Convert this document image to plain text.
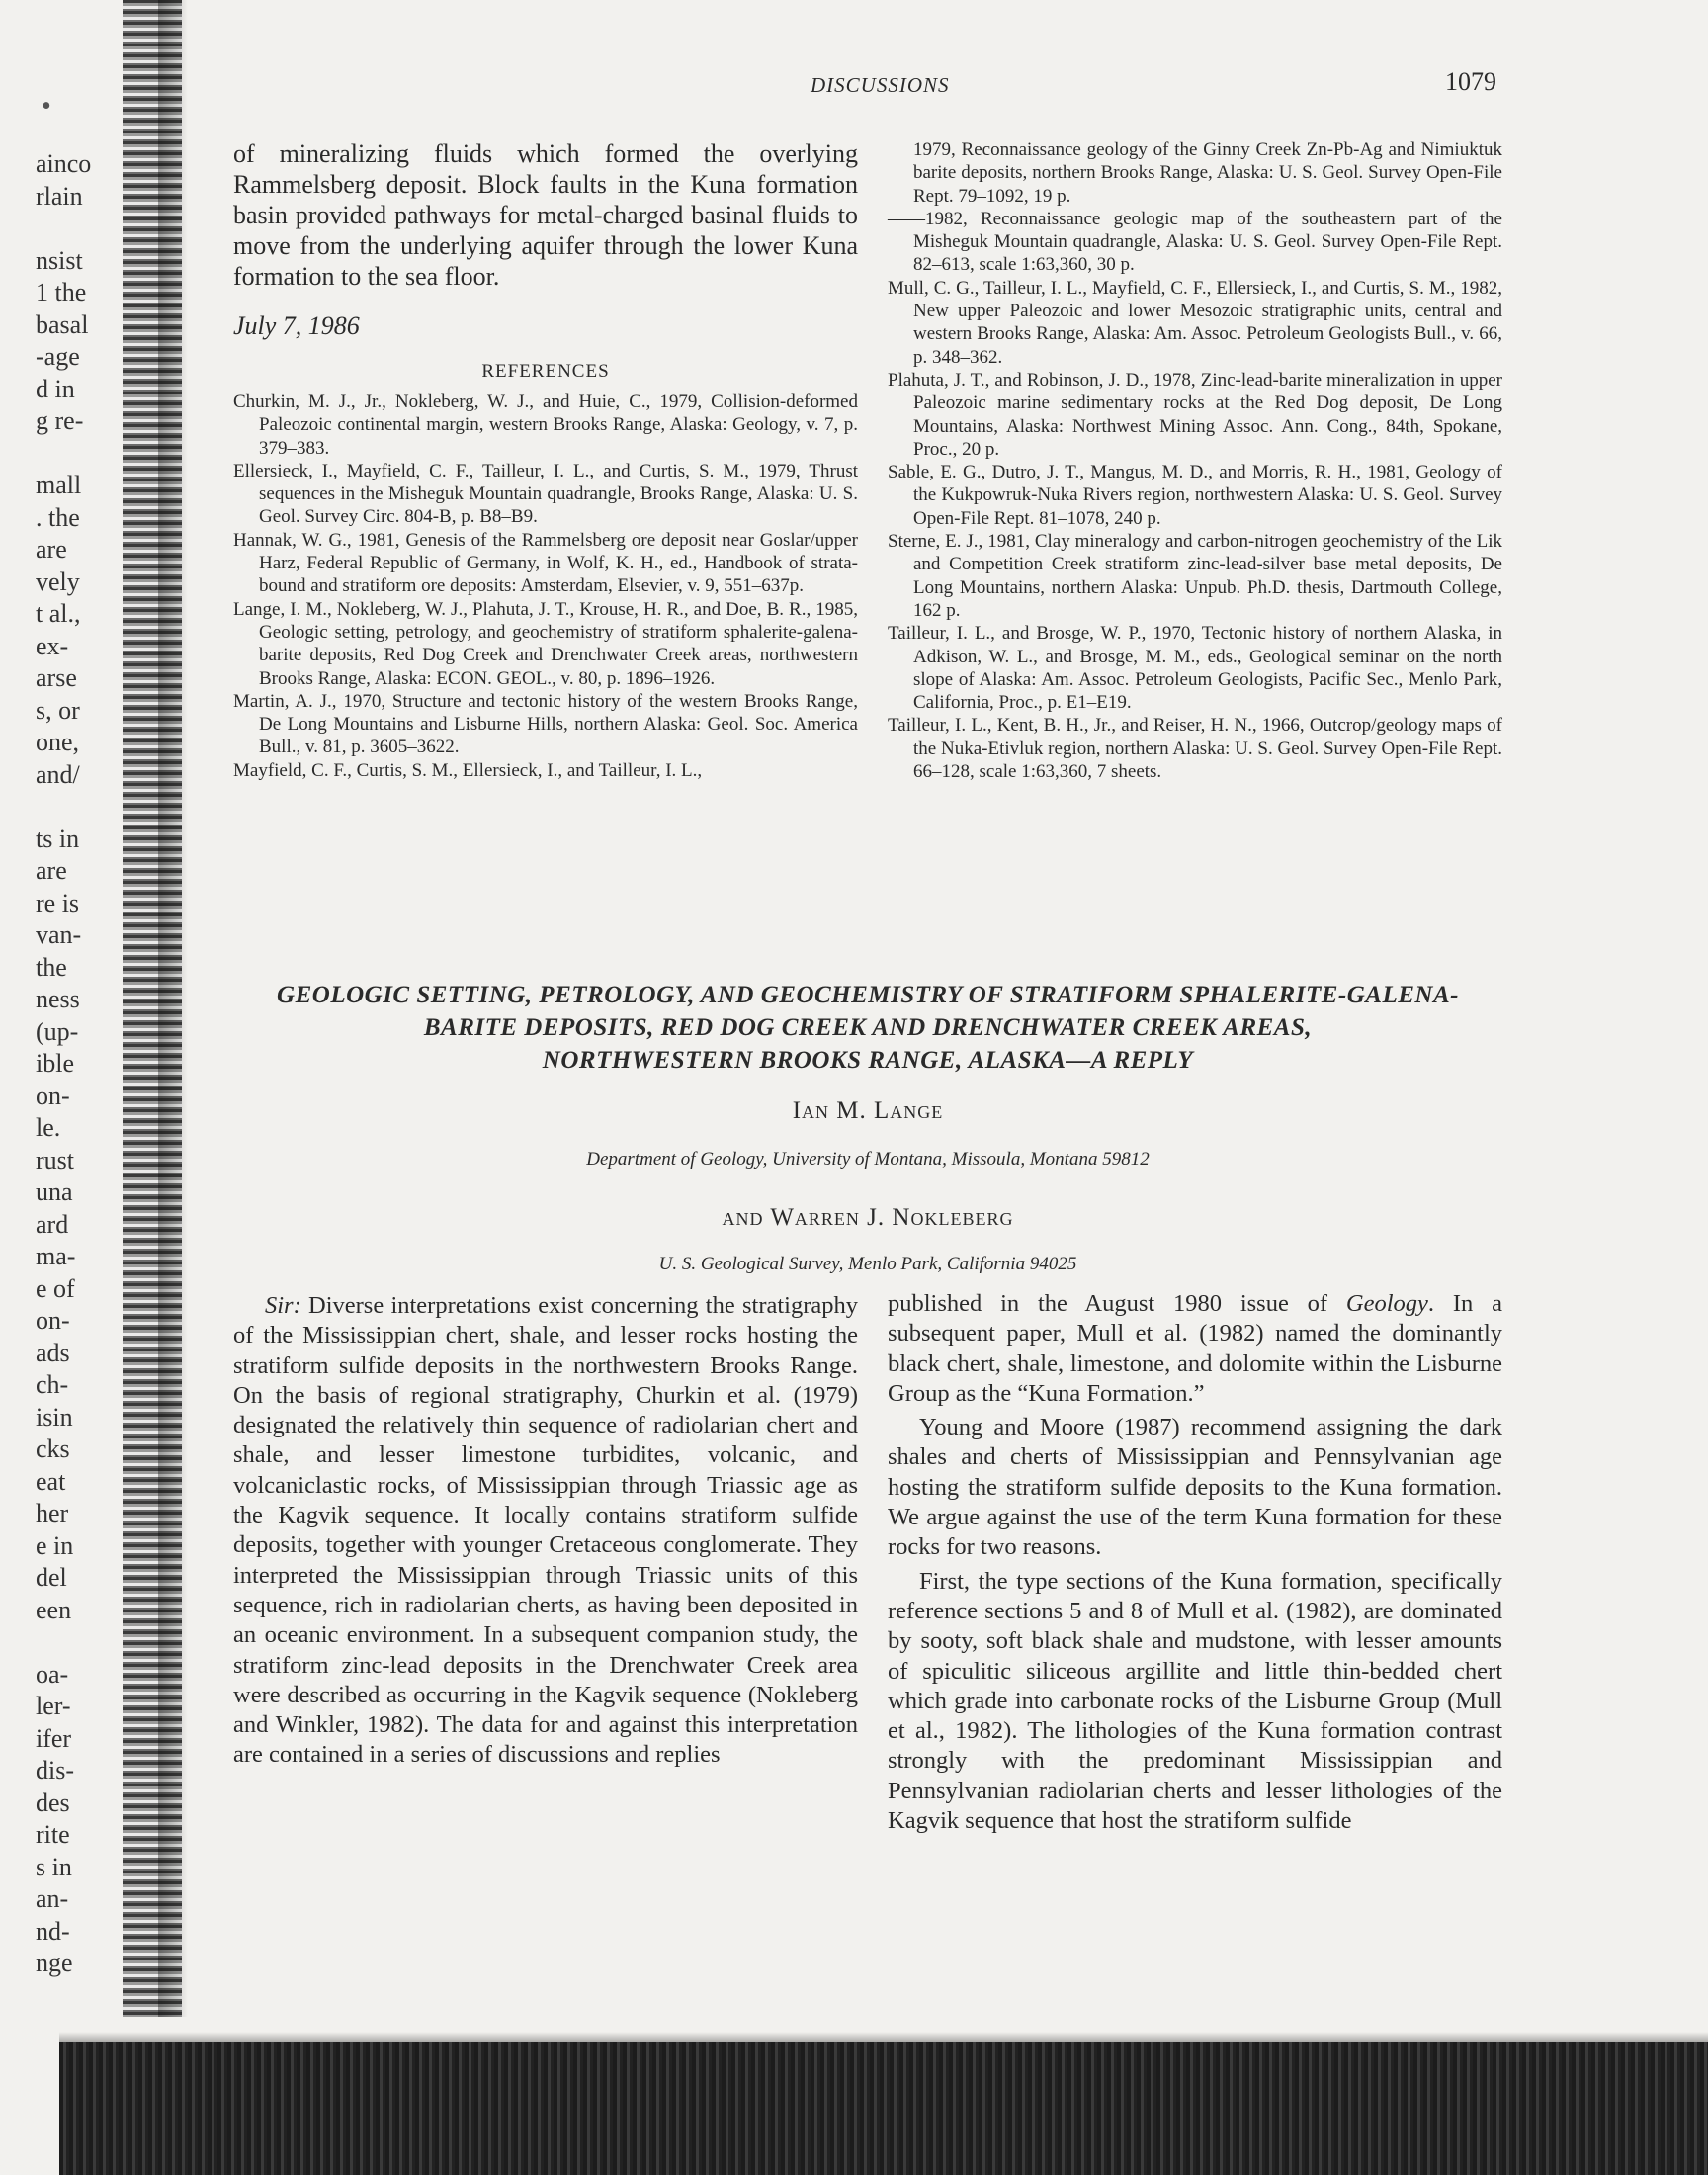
ainco
rlain
nsist
1 the
basal
-age
d in
g re-
mall
. the
are
vely
t al.,
ex-
arse
s, or
one,
and/
ts in
are
re is
van-
the
ness
(up-
ible
on-
le.
rust
una
ard
ma-
e of
on-
ads
ch-
isin
cks
eat
her
e in
del
een
oa-
ler-
ifer
dis-
des
rite
s in
an-
nd-
nge
•
DISCUSSIONS	1079

of mineralizing fluids which formed the overlying Rammelsberg deposit. Block faults in the Kuna formation basin provided pathways for metal-charged basinal fluids to move from the underlying aquifer through the lower Kuna formation to the sea floor.

July 7, 1986

REFERENCES

Churkin, M. J., Jr., Nokleberg, W. J., and Huie, C., 1979, Collision-deformed Paleozoic continental margin, western Brooks Range, Alaska: Geology, v. 7, p. 379–383.

Ellersieck, I., Mayfield, C. F., Tailleur, I. L., and Curtis, S. M., 1979, Thrust sequences in the Misheguk Mountain quadrangle, Brooks Range, Alaska: U. S. Geol. Survey Circ. 804-B, p. B8–B9.

Hannak, W. G., 1981, Genesis of the Rammelsberg ore deposit near Goslar/upper Harz, Federal Republic of Germany, in Wolf, K. H., ed., Handbook of strata-bound and stratiform ore deposits: Amsterdam, Elsevier, v. 9, 551–637p.

Lange, I. M., Nokleberg, W. J., Plahuta, J. T., Krouse, H. R., and Doe, B. R., 1985, Geologic setting, petrology, and geochemistry of stratiform sphalerite-galena-barite deposits, Red Dog Creek and Drenchwater Creek areas, northwestern Brooks Range, Alaska: ECON. GEOL., v. 80, p. 1896–1926.

Martin, A. J., 1970, Structure and tectonic history of the western Brooks Range, De Long Mountains and Lisburne Hills, northern Alaska: Geol. Soc. America Bull., v. 81, p. 3605–3622.

Mayfield, C. F., Curtis, S. M., Ellersieck, I., and Tailleur, I. L.,

1979, Reconnaissance geology of the Ginny Creek Zn-Pb-Ag and Nimiuktuk barite deposits, northern Brooks Range, Alaska: U. S. Geol. Survey Open-File Rept. 79–1092, 19 p.

——1982, Reconnaissance geologic map of the southeastern part of the Misheguk Mountain quadrangle, Alaska: U. S. Geol. Survey Open-File Rept. 82–613, scale 1:63,360, 30 p.

Mull, C. G., Tailleur, I. L., Mayfield, C. F., Ellersieck, I., and Curtis, S. M., 1982, New upper Paleozoic and lower Mesozoic stratigraphic units, central and western Brooks Range, Alaska: Am. Assoc. Petroleum Geologists Bull., v. 66, p. 348–362.

Plahuta, J. T., and Robinson, J. D., 1978, Zinc-lead-barite mineralization in upper Paleozoic marine sedimentary rocks at the Red Dog deposit, De Long Mountains, Alaska: Northwest Mining Assoc. Ann. Cong., 84th, Spokane, Proc., 20 p.

Sable, E. G., Dutro, J. T., Mangus, M. D., and Morris, R. H., 1981, Geology of the Kukpowruk-Nuka Rivers region, northwestern Alaska: U. S. Geol. Survey Open-File Rept. 81–1078, 240 p.

Sterne, E. J., 1981, Clay mineralogy and carbon-nitrogen geochemistry of the Lik and Competition Creek stratiform zinc-lead-silver base metal deposits, De Long Mountains, northern Alaska: Unpub. Ph.D. thesis, Dartmouth College, 162 p.

Tailleur, I. L., and Brosge, W. P., 1970, Tectonic history of northern Alaska, in Adkison, W. L., and Brosge, M. M., eds., Geological seminar on the north slope of Alaska: Am. Assoc. Petroleum Geologists, Pacific Sec., Menlo Park, California, Proc., p. E1–E19.

Tailleur, I. L., Kent, B. H., Jr., and Reiser, H. N., 1966, Outcrop/geology maps of the Nuka-Etivluk region, northern Alaska: U. S. Geol. Survey Open-File Rept. 66–128, scale 1:63,360, 7 sheets.

GEOLOGIC SETTING, PETROLOGY, AND GEOCHEMISTRY OF STRATIFORM SPHALERITE-GALENA-
BARITE DEPOSITS, RED DOG CREEK AND DRENCHWATER CREEK AREAS,
NORTHWESTERN BROOKS RANGE, ALASKA—A REPLY

Ian M. Lange

Department of Geology, University of Montana, Missoula, Montana 59812

and Warren J. Nokleberg

U. S. Geological Survey, Menlo Park, California 94025

Sir: Diverse interpretations exist concerning the stratigraphy of the Mississippian chert, shale, and lesser rocks hosting the stratiform sulfide deposits in the northwestern Brooks Range. On the basis of regional stratigraphy, Churkin et al. (1979) designated the relatively thin sequence of radiolarian chert and shale, and lesser limestone turbidites, volcanic, and volcaniclastic rocks, of Mississippian through Triassic age as the Kagvik sequence. It locally contains stratiform sulfide deposits, together with younger Cretaceous conglomerate. They interpreted the Mississippian through Triassic units of this sequence, rich in radiolarian cherts, as having been deposited in an oceanic environment. In a subsequent companion study, the stratiform zinc-lead deposits in the Drenchwater Creek area were described as occurring in the Kagvik sequence (Nokleberg and Winkler, 1982). The data for and against this interpretation are contained in a series of discussions and replies

published in the August 1980 issue of Geology. In a subsequent paper, Mull et al. (1982) named the dominantly black chert, shale, limestone, and dolomite within the Lisburne Group as the “Kuna Formation.”

Young and Moore (1987) recommend assigning the dark shales and cherts of Mississippian and Pennsylvanian age hosting the stratiform sulfide deposits to the Kuna formation. We argue against the use of the term Kuna formation for these rocks for two reasons.

First, the type sections of the Kuna formation, specifically reference sections 5 and 8 of Mull et al. (1982), are dominated by sooty, soft black shale and mudstone, with lesser amounts of spiculitic siliceous argillite and little thin-bedded chert which grade into carbonate rocks of the Lisburne Group (Mull et al., 1982). The lithologies of the Kuna formation contrast strongly with the predominant Mississippian and Pennsylvanian radiolarian cherts and lesser lithologies of the Kagvik sequence that host the stratiform sulfide
